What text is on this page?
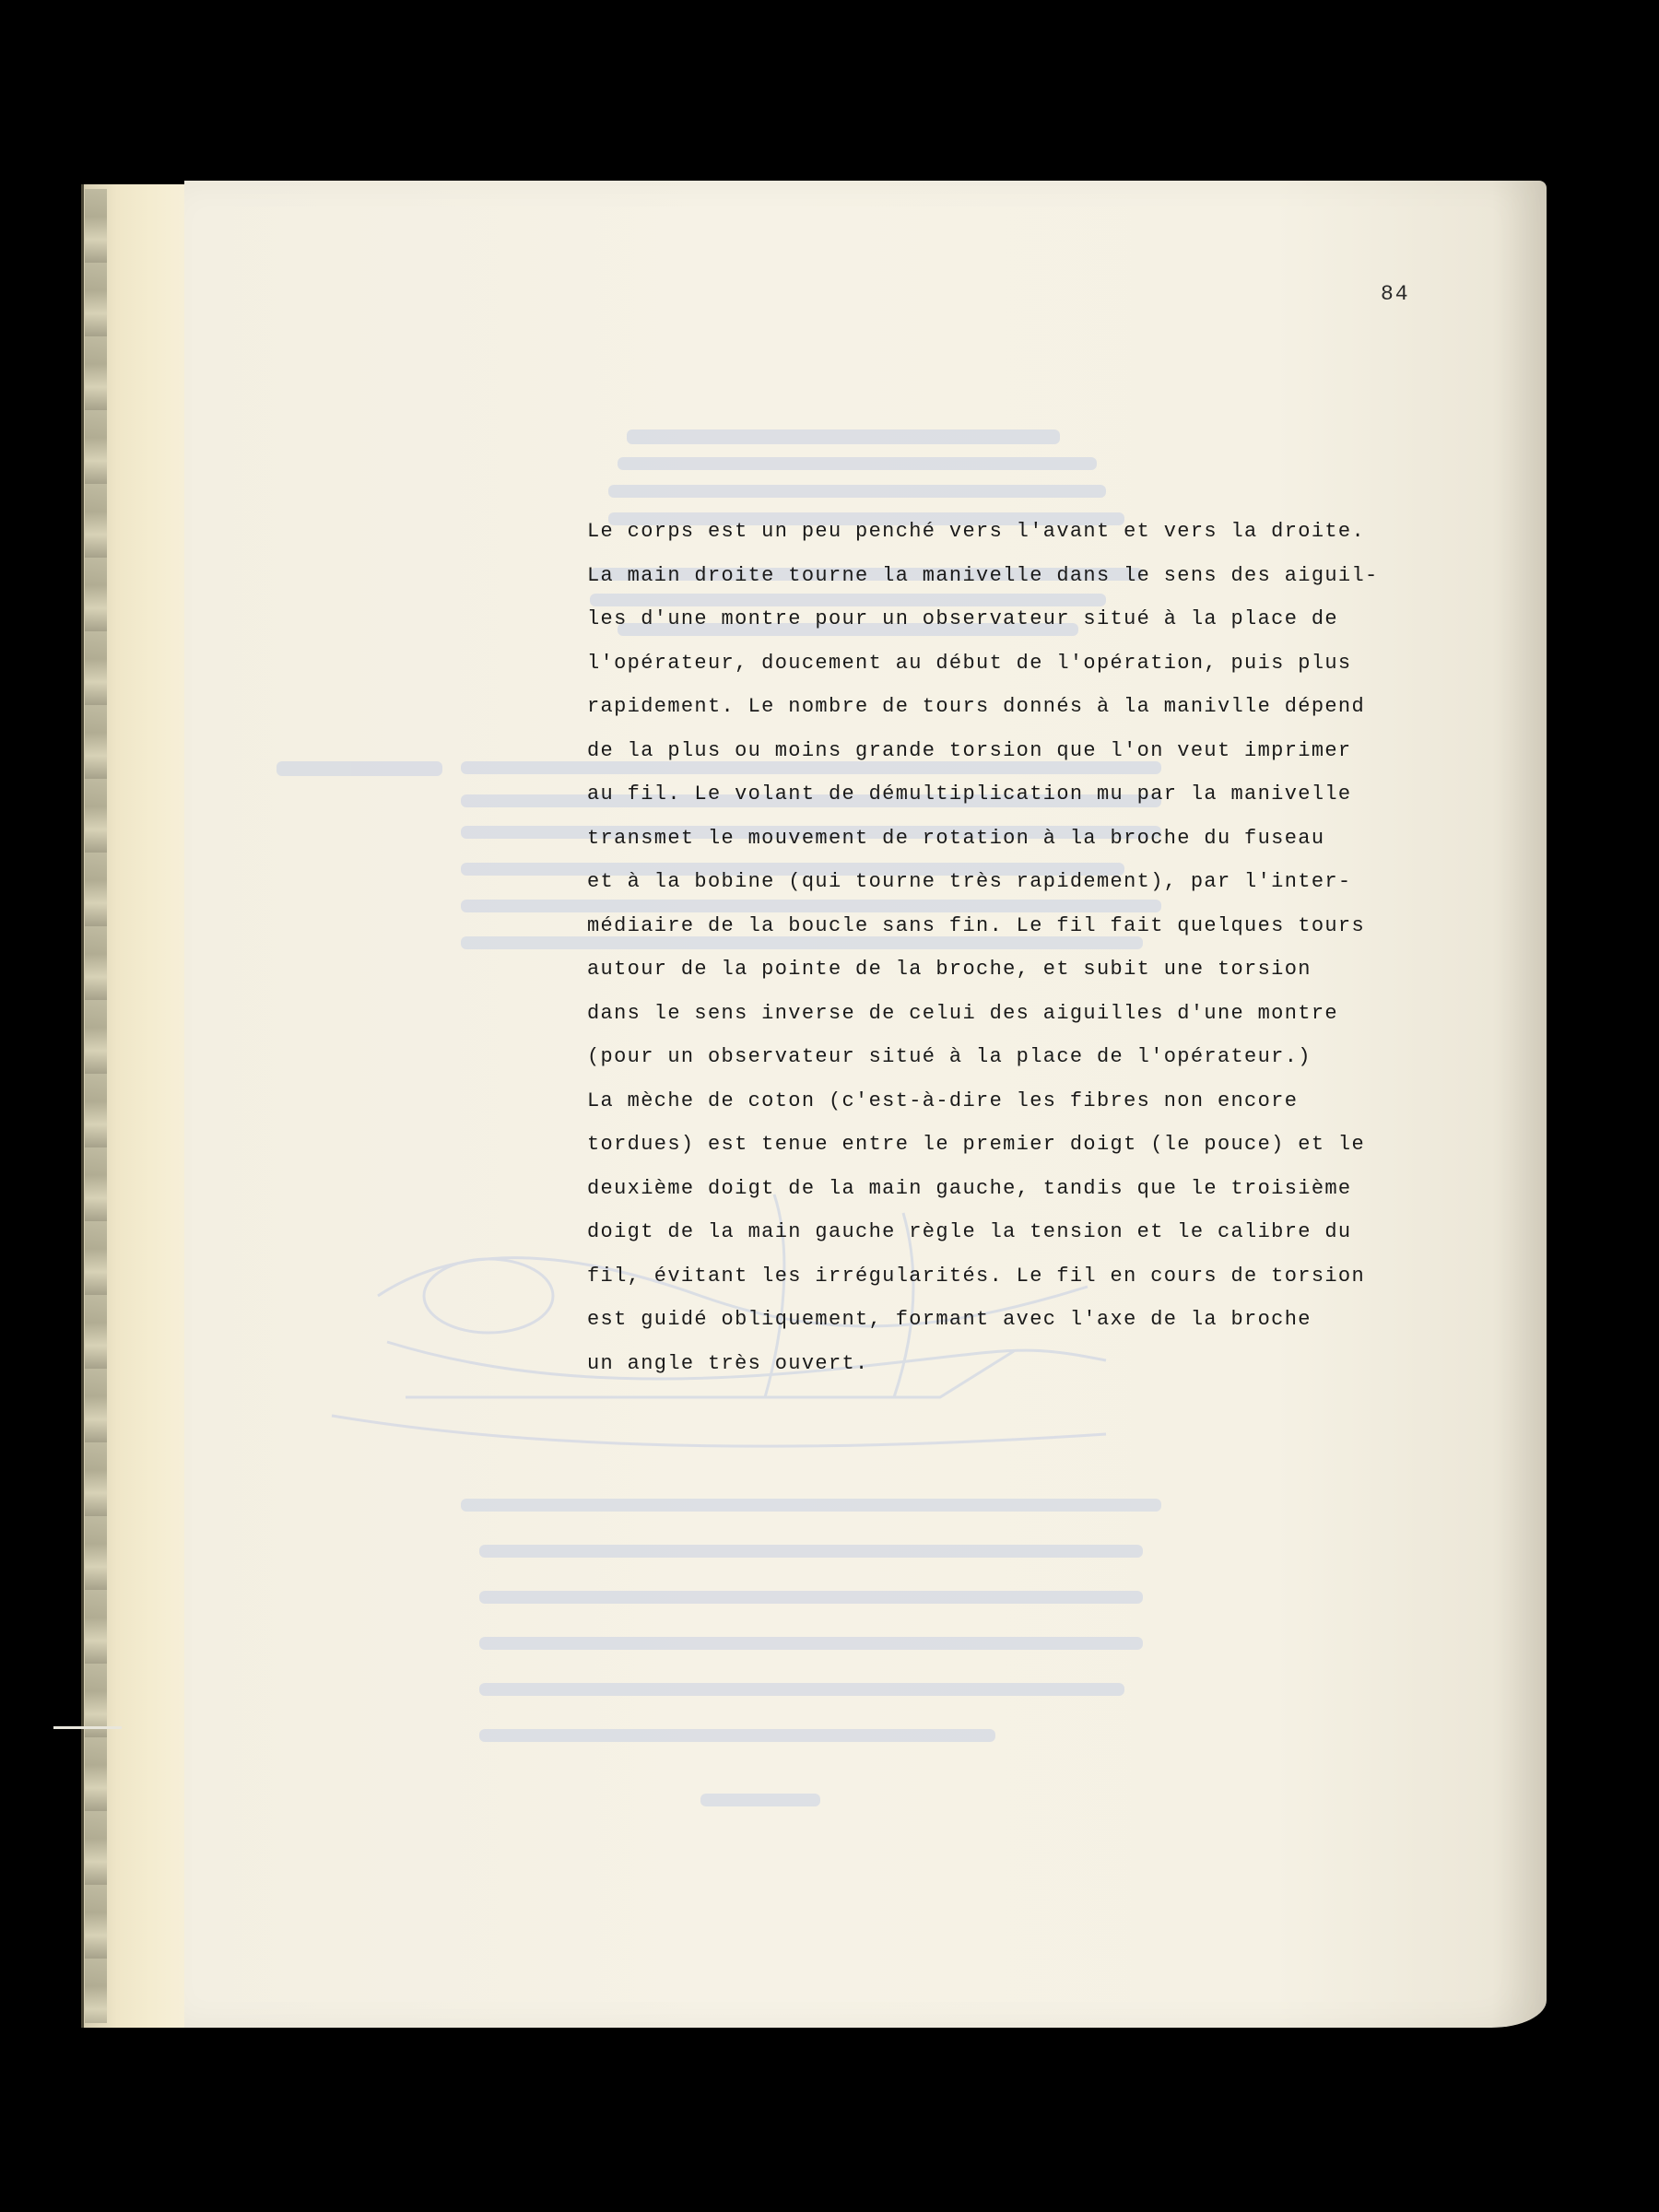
84
Le corps est un peu penché vers l'avant et vers la droite.
La main droite tourne la manivelle dans le sens des aiguil-
les d'une montre pour un observateur situé à la place de
l'opérateur, doucement au début de l'opération, puis plus
rapidement. Le nombre de tours donnés à la manivlle dépend
de la plus ou moins grande torsion que l'on veut imprimer
au fil. Le volant de démultiplication mu par la manivelle
transmet le mouvement de rotation à la broche du fuseau
et à la bobine (qui tourne très rapidement), par l'inter-
médiaire de la boucle sans fin. Le fil fait quelques tours
autour de la pointe de la broche, et subit une torsion
dans le sens inverse de celui des aiguilles d'une montre
(pour un observateur situé à la place de l'opérateur.)
La mèche de coton (c'est-à-dire les fibres non encore
tordues) est tenue entre le premier doigt (le pouce) et le
deuxième doigt de la main gauche, tandis que le troisième
doigt de la main gauche règle la tension et le calibre du
fil, évitant les irrégularités. Le fil en cours de torsion
est guidé obliquement, formant avec l'axe de la broche
un angle très ouvert.
